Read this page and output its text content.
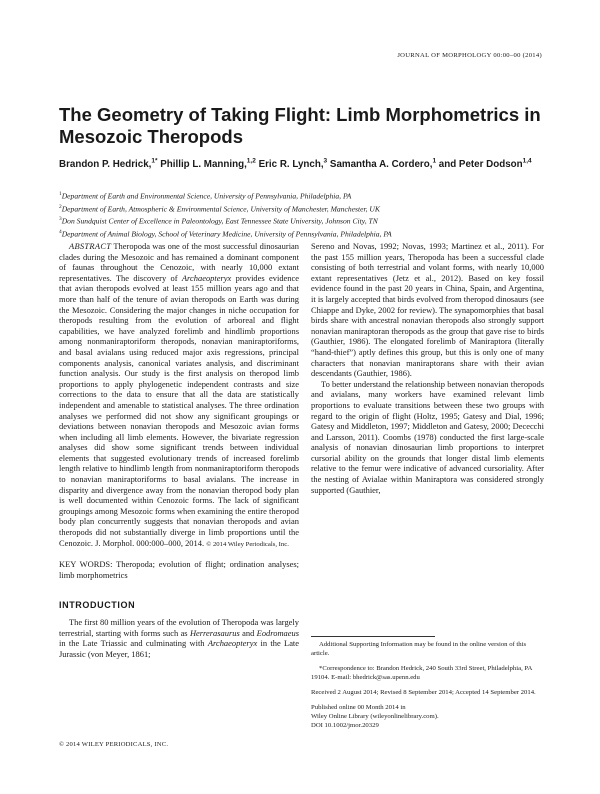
JOURNAL OF MORPHOLOGY 00:00–00 (2014)
The Geometry of Taking Flight: Limb Morphometrics in Mesozoic Theropods
Brandon P. Hedrick,$^{1*}$ Phillip L. Manning,$^{1,2}$ Eric R. Lynch,$^3$ Samantha A. Cordero,$^1$ and Peter Dodson$^{1,4}$
$^1$Department of Earth and Environmental Science, University of Pennsylvania, Philadelphia, PA
$^2$Department of Earth, Atmospheric & Environmental Science, University of Manchester, Manchester, UK
$^3$Don Sundquist Center of Excellence in Paleontology, East Tennessee State University, Johnson City, TN
$^4$Department of Animal Biology, School of Veterinary Medicine, University of Pennsylvania, Philadelphia, PA

ABSTRACT Theropoda was one of the most successful dinosaurian clades during the Mesozoic and has remained a dominant component of faunas throughout the Cenozoic, with nearly 10,000 extant representatives. The discovery of Archaeopteryx provides evidence that avian theropods evolved at least 155 million years ago and that more than half of the tenure of avian theropods on Earth was during the Mesozoic. Considering the major changes in niche occupation for theropods resulting from the evolution of arboreal and flight capabilities, we have analyzed forelimb and hindlimb proportions among nonmaniraptoriform theropods, nonavian maniraptoriforms, and basal avialans using reduced major axis regressions, principal components analysis, canonical variates analysis, and discriminant function analysis. Our study is the first analysis on theropod limb proportions to apply phylogenetic independent contrasts and size corrections to the data to ensure that all the data are statistically independent and amenable to statistical analyses. The three ordination analyses we performed did not show any significant groupings or deviations between nonavian theropods and Mesozoic avian forms when including all limb elements. However, the bivariate regression analyses did show some significant trends between individual elements that suggested evolutionary trends of increased forelimb length relative to hindlimb length from nonmaniraptoriform theropods to nonavian maniraptoriforms to basal avialans. The increase in disparity and divergence away from the nonavian theropod body plan is well documented within Cenozoic forms. The lack of significant groupings among Mesozoic forms when examining the entire theropod body plan concurrently suggests that nonavian theropods and avian theropods did not substantially diverge in limb proportions until the Cenozoic. J. Morphol. 000:000–000, 2014. © 2014 Wiley Periodicals, Inc.

KEY WORDS: Theropoda; evolution of flight; ordination analyses; limb morphometrics
INTRODUCTION

The first 80 million years of the evolution of Theropoda was largely terrestrial, starting with forms such as Herrerasaurus and Eodromaeus in the Late Triassic and culminating with Archaeopteryx in the Late Jurassic (von Meyer, 1861;

Sereno and Novas, 1992; Novas, 1993; Martinez et al., 2011). For the past 155 million years, Theropoda has been a successful clade consisting of both terrestrial and volant forms, with nearly 10,000 extant representatives (Jetz et al., 2012). Based on key fossil evidence found in the past 20 years in China, Spain, and Argentina, it is largely accepted that birds evolved from theropod dinosaurs (see Chiappe and Dyke, 2002 for review). The synapomorphies that basal birds share with ancestral nonavian theropods also strongly support nonavian maniraptoran theropods as the group that gave rise to birds (Gauthier, 1986). The elongated forelimb of Maniraptora (literally “hand-thief”) aptly defines this group, but this is only one of many characters that nonavian maniraptorans share with their avian descendants (Gauthier, 1986).

To better understand the relationship between nonavian theropods and avialans, many workers have examined relevant limb proportions to evaluate transitions between these two groups with regard to the origin of flight (Holtz, 1995; Gatesy and Dial, 1996; Gatesy and Middleton, 1997; Middleton and Gatesy, 2000; Dececchi and Larsson, 2011). Coombs (1978) conducted the first large-scale analysis of nonavian dinosaurian limb proportions to interpret cursorial ability on the grounds that longer distal limb elements relative to the femur were indicative of advanced cursoriality. After the nesting of Avialae within Maniraptora was considered strongly supported (Gauthier,

Additional Supporting Information may be found in the online version of this article.

*Correspondence to: Brandon Hedrick, 240 South 33rd Street, Philadelphia, PA 19104. E-mail: bhedrick@sas.upenn.edu

Received 2 August 2014; Revised 8 September 2014; Accepted 14 September 2014.

Published online 00 Month 2014 in

Wiley Online Library (wileyonlinelibrary.com).

DOI 10.1002/jmor.20329

© 2014 WILEY PERIODICALS, INC.
